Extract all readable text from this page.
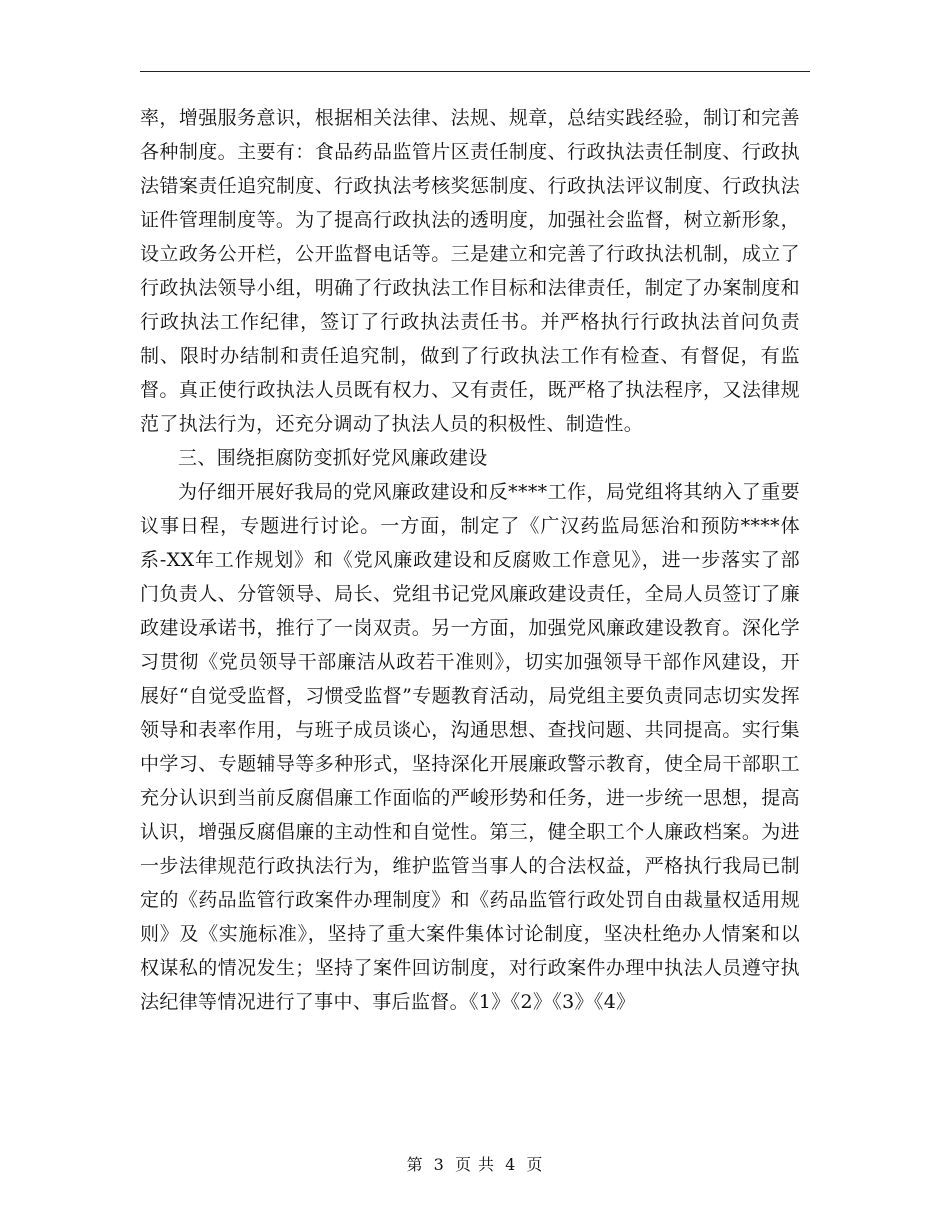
率，增强服务意识，根据相关法律、法规、规章，总结实践经验，制订和完善各种制度。主要有：食品药品监管片区责任制度、行政执法责任制度、行政执法错案责任追究制度、行政执法考核奖惩制度、行政执法评议制度、行政执法证件管理制度等。为了提高行政执法的透明度，加强社会监督，树立新形象，设立政务公开栏，公开监督电话等。三是建立和完善了行政执法机制，成立了行政执法领导小组，明确了行政执法工作目标和法律责任，制定了办案制度和行政执法工作纪律，签订了行政执法责任书。并严格执行行政执法首问负责制、限时办结制和责任追究制，做到了行政执法工作有检查、有督促，有监督。真正使行政执法人员既有权力、又有责任，既严格了执法程序，又法律规范了执法行为，还充分调动了执法人员的积极性、制造性。

三、围绕拒腐防变抓好党风廉政建设

为仔细开展好我局的党风廉政建设和反****工作，局党组将其纳入了重要议事日程，专题进行讨论。一方面，制定了《广汉药监局惩治和预防****体系-XX年工作规划》和《党风廉政建设和反腐败工作意见》，进一步落实了部门负责人、分管领导、局长、党组书记党风廉政建设责任，全局人员签订了廉政建设承诺书，推行了一岗双责。另一方面，加强党风廉政建设教育。深化学习贯彻《党员领导干部廉洁从政若干准则》，切实加强领导干部作风建设，开展好“自觉受监督，习惯受监督”专题教育活动，局党组主要负责同志切实发挥领导和表率作用，与班子成员谈心，沟通思想、查找问题、共同提高。实行集中学习、专题辅导等多种形式，坚持深化开展廉政警示教育，使全局干部职工充分认识到当前反腐倡廉工作面临的严峻形势和任务，进一步统一思想，提高认识，增强反腐倡廉的主动性和自觉性。第三，健全职工个人廉政档案。为进一步法律规范行政执法行为，维护监管当事人的合法权益，严格执行我局已制定的《药品监管行政案件办理制度》和《药品监管行政处罚自由裁量权适用规则》及《实施标准》，坚持了重大案件集体讨论制度，坚决杜绝办人情案和以权谋私的情况发生；坚持了案件回访制度，对行政案件办理中执法人员遵守执法纪律等情况进行了事中、事后监督。《1》《2》《3》《4》

第 3 页 共 4 页
